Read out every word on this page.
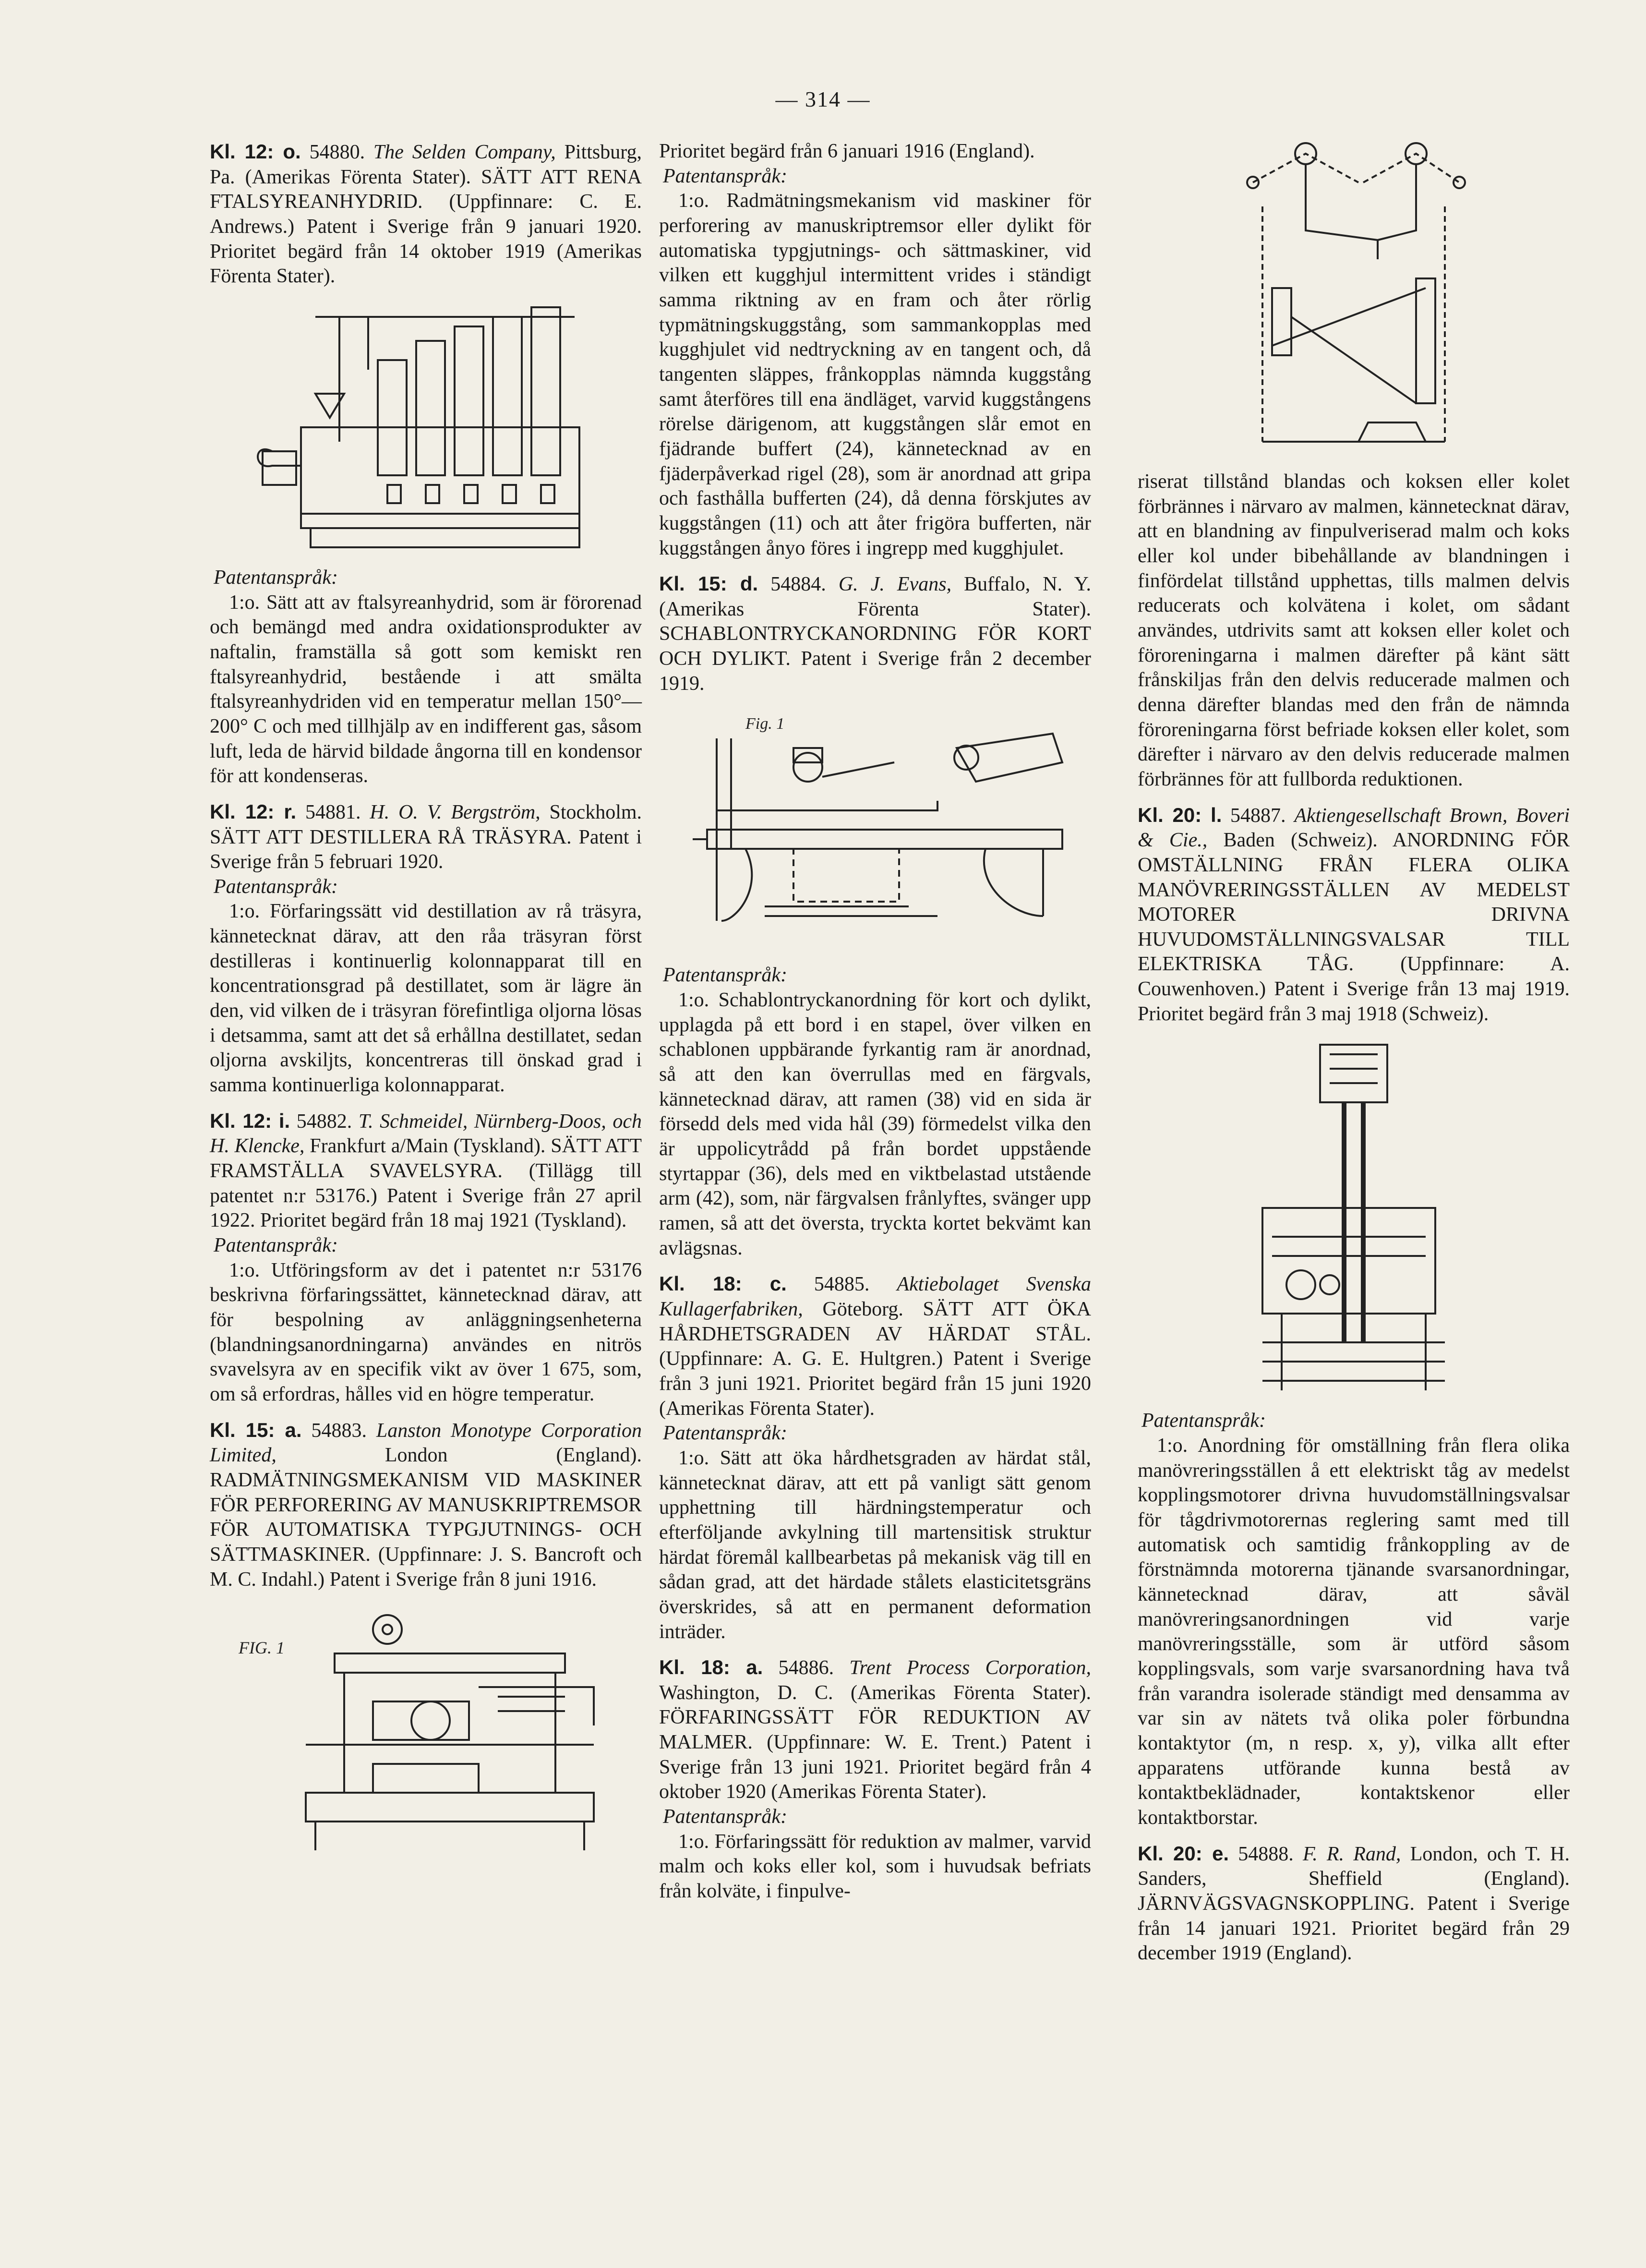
— 314 —

Kl. 12: o. 54880. The Selden Company, Pittsburg, Pa. (Amerikas Förenta Stater). SÄTT ATT RENA FTALSYREANHYDRID. (Uppfinnare: C. E. Andrews.) Patent i Sverige från 9 januari 1920. Prioritet begärd från 14 oktober 1919 (Amerikas Förenta Stater).

Patentanspråk:

1:o. Sätt att av ftalsyreanhydrid, som är förorenad och bemängd med andra oxidationsprodukter av naftalin, framställa så gott som kemiskt ren ftalsyreanhydrid, bestående i att smälta ftalsyreanhydriden vid en temperatur mellan 150°—200° C och med tillhjälp av en indifferent gas, såsom luft, leda de härvid bildade ångorna till en kondensor för att kondenseras.

Kl. 12: r. 54881. H. O. V. Bergström, Stockholm. SÄTT ATT DESTILLERA RÅ TRÄSYRA. Patent i Sverige från 5 februari 1920.

Patentanspråk:

1:o. Förfaringssätt vid destillation av rå träsyra, kännetecknat därav, att den råa träsyran först destilleras i kontinuerlig kolonnapparat till en koncentrationsgrad på destillatet, som är lägre än den, vid vilken de i träsyran förefintliga oljorna lösas i detsamma, samt att det så erhållna destillatet, sedan oljorna avskiljts, koncentreras till önskad grad i samma kontinuerliga kolonnapparat.

Kl. 12: i. 54882. T. Schmeidel, Nürnberg-Doos, och H. Klencke, Frankfurt a/Main (Tyskland). SÄTT ATT FRAMSTÄLLA SVAVELSYRA. (Tillägg till patentet n:r 53176.) Patent i Sverige från 27 april 1922. Prioritet begärd från 18 maj 1921 (Tyskland).

Patentanspråk:

1:o. Utföringsform av det i patentet n:r 53176 beskrivna förfaringssättet, kännetecknad därav, att för bespolning av anläggningsenheterna (blandningsanordningarna) användes en nitrös svavelsyra av en specifik vikt av över 1 675, som, om så erfordras, hålles vid en högre temperatur.

Kl. 15: a. 54883. Lanston Monotype Corporation Limited,	London (England). RADMÄTNINGSMEKANISM VID MASKINER FÖR PERFORERING AV MANUSKRIPTREMSOR FÖR AUTOMATISKA TYPGJUTNINGS- OCH SÄTTMASKINER. (Uppfinnare: J. S. Bancroft och M. C. Indahl.) Patent i Sverige från 8 juni 1916.

FIG. 1

Prioritet begärd från 6 januari 1916 (England).

Patentanspråk:

1:o. Radmätningsmekanism vid maskiner för perforering av manuskriptremsor eller dylikt för automatiska typgjutnings- och sättmaskiner, vid vilken ett kugghjul intermittent vrides i ständigt samma riktning av en fram och åter rörlig typmätningskuggstång, som sammankopplas med kugghjulet vid nedtryckning av en tangent och, då tangenten släppes, frånkopplas nämnda kuggstång samt återföres till ena ändläget, varvid kuggstångens rörelse därigenom, att kuggstången slår emot en fjädrande buffert (24), kännetecknad av en fjäderpåverkad rigel (28), som är anordnad att gripa och fasthålla bufferten (24), då denna förskjutes av kuggstången (11) och att åter frigöra bufferten, när kuggstången ånyo föres i ingrepp med kugghjulet.

Kl. 15: d. 54884. G. J. Evans, Buffalo, N. Y. (Amerikas Förenta Stater). SCHABLONTRYCKANORDNING FÖR KORT OCH DYLIKT. Patent i Sverige från 2 december 1919.

Fig. 1

Patentanspråk:

1:o. Schablontryckanordning för kort och dylikt, upplagda på ett bord i en stapel, över vilken en schablonen uppbärande fyrkantig ram är anordnad, så att den kan överrullas med en färgvals, kännetecknad därav, att ramen (38) vid en sida är försedd dels med vida hål (39) förmedelst vilka den är uppolicytrådd på från bordet uppstående styrtappar (36), dels med en viktbelastad utstående arm (42), som, när färgvalsen frånlyftes, svänger upp ramen, så att det översta, tryckta kortet bekvämt kan avlägsnas.

Kl. 18: c. 54885. Aktiebolaget Svenska Kullagerfabriken, Göteborg. SÄTT ATT ÖKA HÅRDHETSGRADEN AV HÄRDAT STÅL. (Uppfinnare: A. G. E. Hultgren.) Patent i Sverige från 3 juni 1921. Prioritet begärd från 15 juni 1920 (Amerikas Förenta Stater).

Patentanspråk:

1:o. Sätt att öka hårdhetsgraden av härdat stål, kännetecknat därav, att ett på vanligt sätt genom upphettning till härdningstemperatur och efterföljande avkylning till martensitisk struktur härdat föremål kallbearbetas på mekanisk väg till en sådan grad, att det härdade stålets elasticitetsgräns överskrides, så att en permanent deformation inträder.

Kl. 18: a. 54886. Trent Process Corporation, Washington, D. C. (Amerikas Förenta Stater). FÖRFARINGSSÄTT FÖR REDUKTION AV MALMER. (Uppfinnare: W. E. Trent.) Patent i Sverige från 13 juni 1921. Prioritet begärd från 4 oktober 1920 (Amerikas Förenta Stater).

Patentanspråk:

1:o. Förfaringssätt för reduktion av malmer, varvid malm och koks eller kol, som i huvudsak befriats från kolväte, i finpulve-

riserat tillstånd blandas och koksen eller kolet förbrännes i närvaro av malmen, kännetecknat därav, att en blandning av finpulveriserad malm och koks eller kol under bibehållande av blandningen i finfördelat tillstånd upphettas, tills malmen delvis reducerats och kolvätena i kolet, om sådant användes, utdrivits samt att koksen eller kolet och föroreningarna i malmen därefter på känt sätt frånskiljas från den delvis reducerade malmen och denna därefter blandas med den från de nämnda föroreningarna först befriade koksen eller kolet, som därefter i närvaro av den delvis reducerade malmen förbrännes för att fullborda reduktionen.

Kl. 20: l. 54887. Aktiengesellschaft Brown, Boveri & Cie., Baden (Schweiz). ANORDNING FÖR OMSTÄLLNING FRÅN FLERA OLIKA MANÖVRERINGSSTÄLLEN AV MEDELST MOTORER DRIVNA HUVUDOMSTÄLLNINGSVALSAR TILL ELEKTRISKA TÅG. (Uppfinnare: A. Couwenhoven.) Patent i Sverige från 13 maj 1919. Prioritet begärd från 3 maj 1918 (Schweiz).

Patentanspråk:

1:o. Anordning för omställning från flera olika manövreringsställen å ett elektriskt tåg av medelst kopplingsmotorer drivna huvudomställningsvalsar för tågdrivmotorernas reglering samt med till automatisk och samtidig frånkoppling av de förstnämnda motorerna tjänande svarsanordningar, kännetecknad därav, att såväl manövreringsanordningen vid varje manövreringsställe, som är utförd såsom kopplingsvals, som varje svarsanordning hava två från varandra isolerade ständigt med densamma av var sin av nätets två olika poler förbundna kontaktytor (m, n resp. x, y), vilka allt efter apparatens utförande kunna bestå av kontaktbeklädnader, kontaktskenor eller kontaktborstar.

Kl. 20: e. 54888. F. R. Rand, London, och T. H. Sanders, Sheffield (England). JÄRNVÄGSVAGNSKOPPLING. Patent i Sverige från 14 januari 1921. Prioritet begärd från 29 december 1919 (England).
